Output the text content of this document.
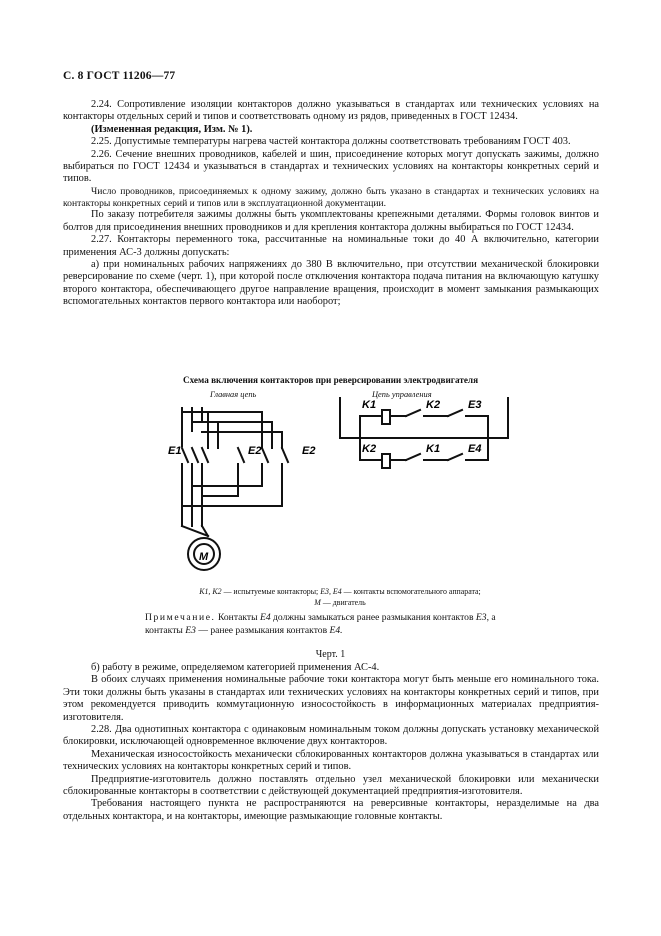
С. 8 ГОСТ 11206—77

2.24. Сопротивление изоляции контакторов должно указываться в стандартах или технических условиях на контакторы отдельных серий и типов и соответствовать одному из рядов, приведенных в ГОСТ 12434.

(Измененная редакция, Изм. № 1).

2.25. Допустимые температуры нагрева частей контактора должны соответствовать требованиям ГОСТ 403.

2.26. Сечение внешних проводников, кабелей и шин, присоединение которых могут допускать зажимы, должно выбираться по ГОСТ 12434 и указываться в стандартах и технических условиях на контакторы конкретных серий и типов.

Число проводников, присоединяемых к одному зажиму, должно быть указано в стандартах и технических условиях на контакторы конкретных серий и типов или в эксплуатационной документации.

По заказу потребителя зажимы должны быть укомплектованы крепежными деталями. Формы головок винтов и болтов для присоединения внешних проводников и для крепления контактора должны выбираться по ГОСТ 12434.

2.27. Контакторы переменного тока, рассчитанные на номинальные токи до 40 А включительно, категории применения АС-3 должны допускать:

а) при номинальных рабочих напряжениях до 380 В включительно, при отсутствии механической блокировки реверсирование по схеме (черт. 1), при которой после отключения контактора подача питания на включающую катушку второго контактора, обеспечивающего другое направление вращения, происходит в момент замыкания размыкающих вспомогательных контактов первого контактора или наоборот;

Схема включения контакторов при реверсировании электродвигателя
Главная цепь	Цепь управления
E1	E2	E2
M
K1
K2
K2	E3
K1	E4
K1, K2 — испытуемые контакторы; E3, E4 — контакты вспомогательного аппарата;
M — двигатель
Примечание. Контакты E4 должны замыкаться ранее размыкания контактов E3, а контакты E3 — ранее размыкания контактов E4.
Черт. 1

б) работу в режиме, определяемом категорией применения АС-4.

В обоих случаях применения номинальные рабочие токи контактора могут быть меньше его номинального тока. Эти токи должны быть указаны в стандартах или технических условиях на контакторы конкретных серий и типов, при этом рекомендуется приводить коммутационную износостойкость в информационных материалах предприятия-изготовителя.

2.28. Два однотипных контактора с одинаковым номинальным током должны допускать установку механической блокировки, исключающей одновременное включение двух контакторов.

Механическая износостойкость механически сблокированных контакторов должна указываться в стандартах или технических условиях на контакторы конкретных серий и типов.

Предприятие-изготовитель должно поставлять отдельно узел механической блокировки или механически сблокированные контакторы в соответствии с действующей документацией предприятия-изготовителя.

Требования настоящего пункта не распространяются на реверсивные контакторы, неразделимые на два отдельных контактора, и на контакторы, имеющие размыкающие головные контакты.
